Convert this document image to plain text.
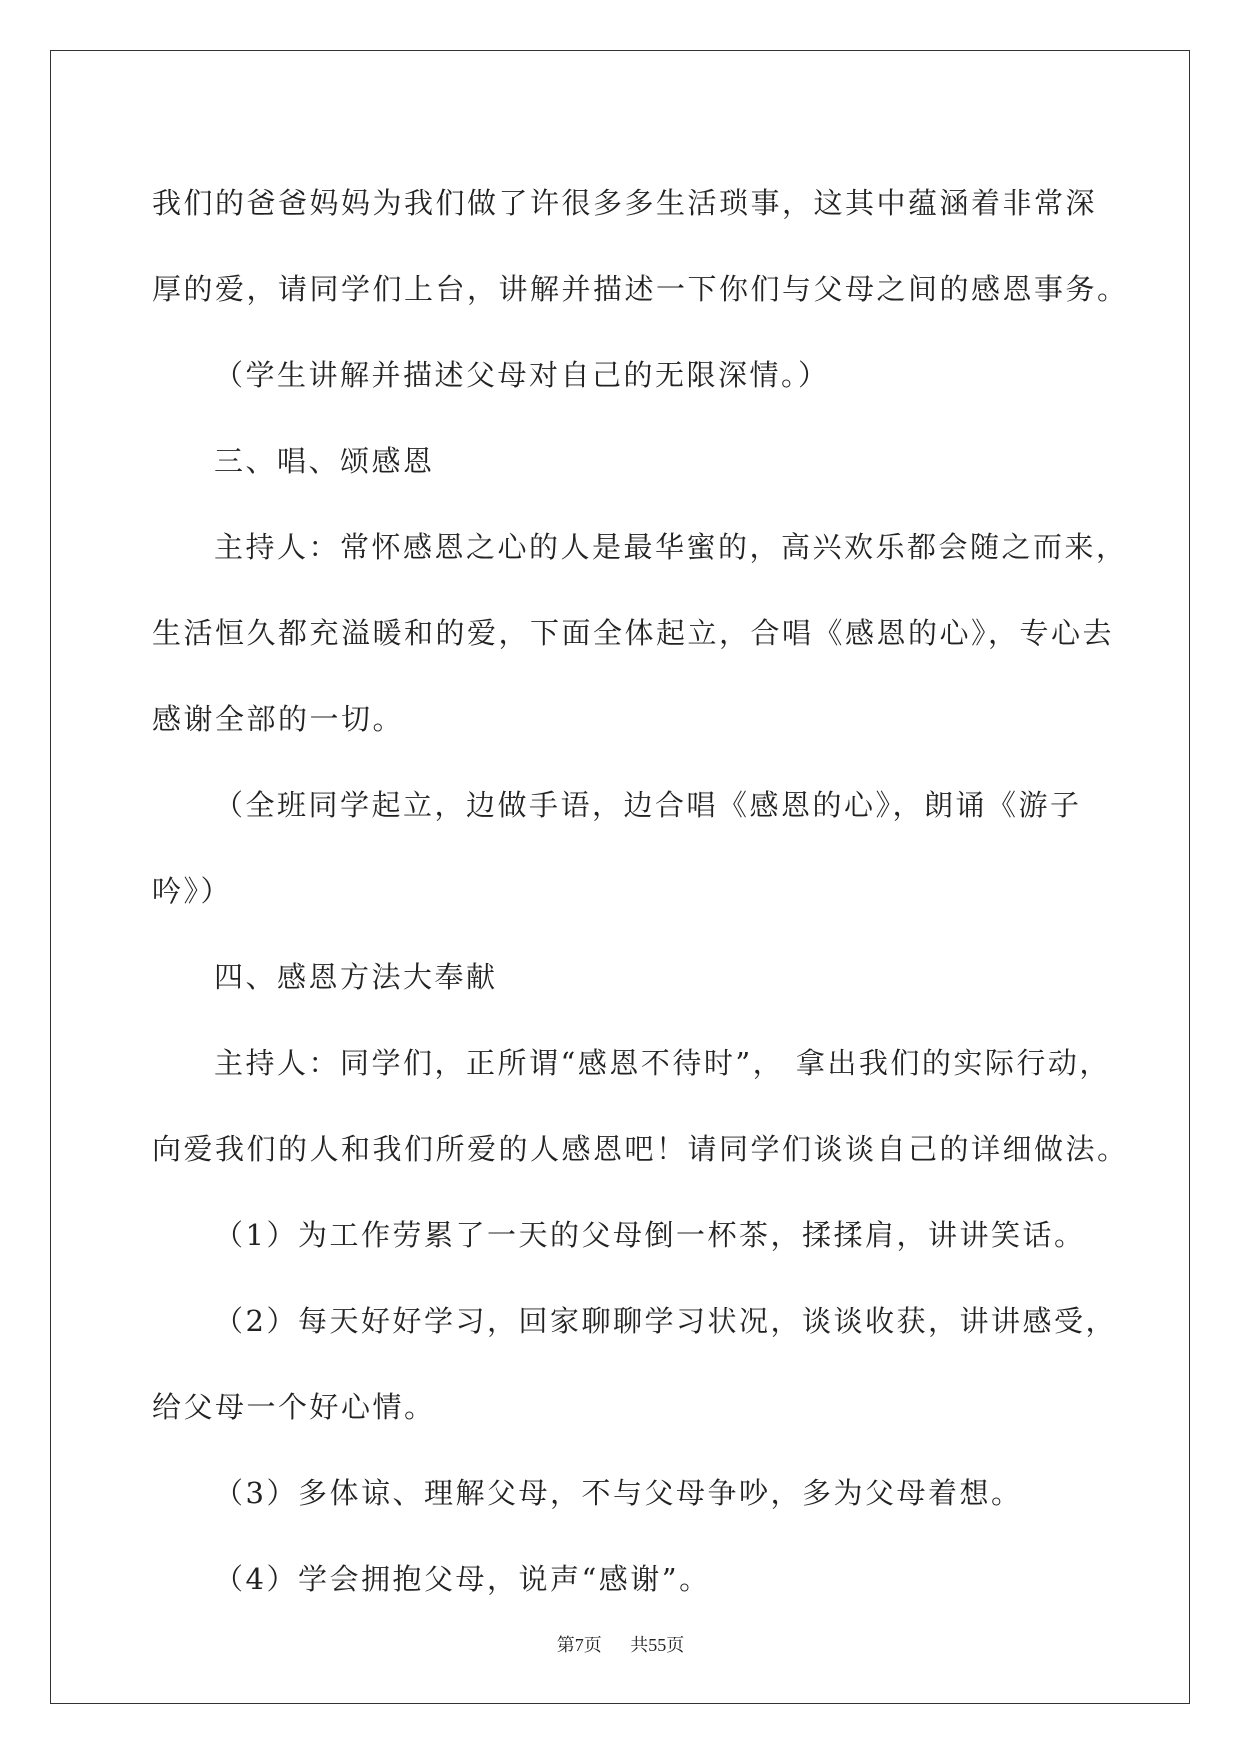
我们的爸爸妈妈为我们做了许很多多生活琐事，这其中蕴涵着非常深

厚的爱，请同学们上台，讲解并描述一下你们与父母之间的感恩事务。

（学生讲解并描述父母对自己的无限深情。）

三、唱、颂感恩

主持人：常怀感恩之心的人是最华蜜的，高兴欢乐都会随之而来，

生活恒久都充溢暖和的爱，下面全体起立，合唱《感恩的心》，专心去

感谢全部的一切。

（全班同学起立，边做手语，边合唱《感恩的心》，朗诵《游子

吟》）

四、感恩方法大奉献

主持人：同学们，正所谓“感恩不待时”， 拿出我们的实际行动，

向爱我们的人和我们所爱的人感恩吧！请同学们谈谈自己的详细做法。

（1）为工作劳累了一天的父母倒一杯茶，揉揉肩，讲讲笑话。

（2）每天好好学习，回家聊聊学习状况，谈谈收获，讲讲感受，

给父母一个好心情。

（3）多体谅、理解父母，不与父母争吵，多为父母着想。

（4）学会拥抱父母，说声“感谢”。

第7页 共55页
